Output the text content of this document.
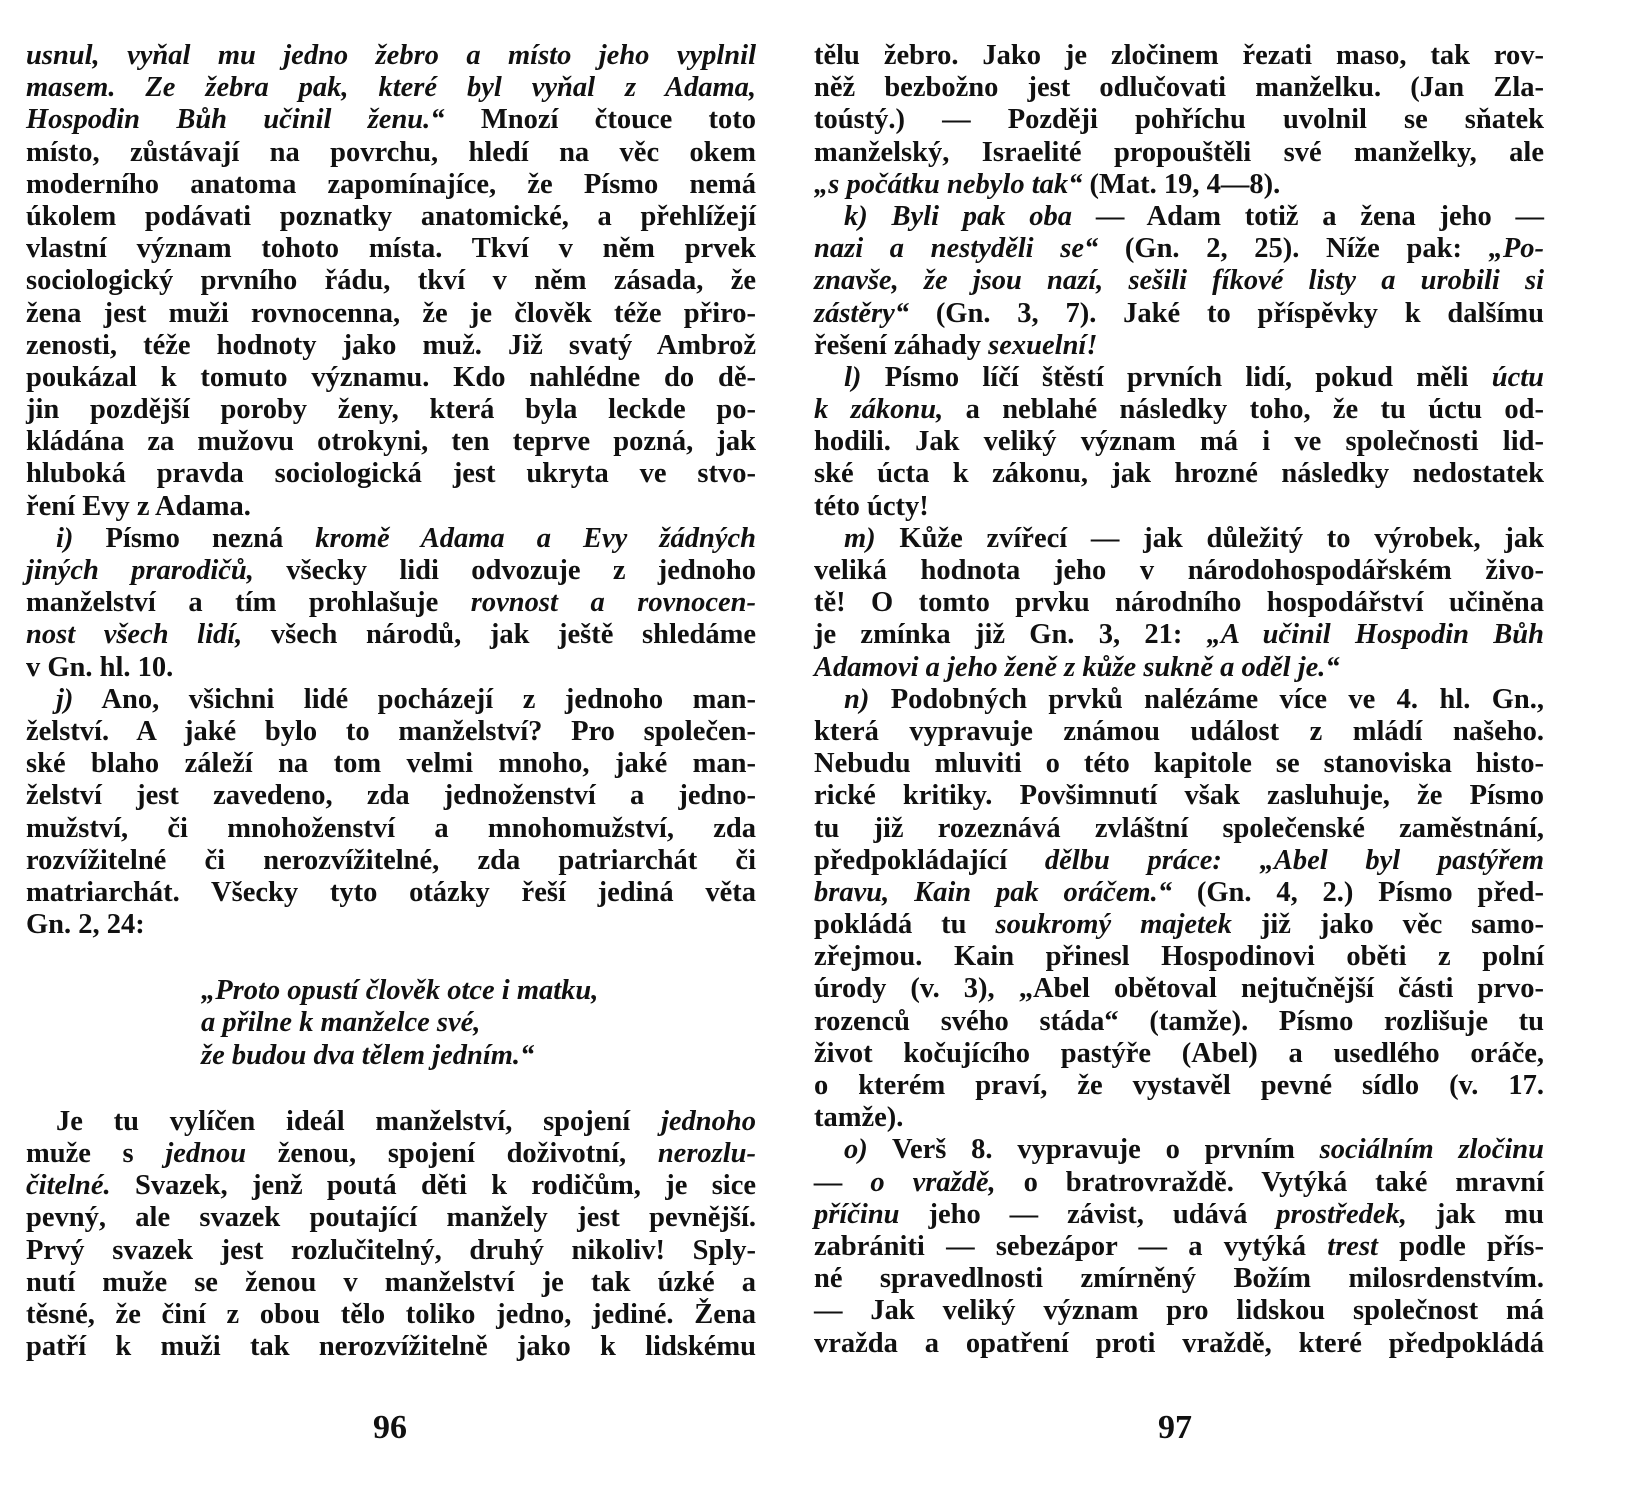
usnul, vyňal mu jedno žebro a místo jeho vyplnil
masem. Ze žebra pak, které byl vyňal z Adama,
Hospodin Bůh učinil ženu.“ Mnozí čtouce toto
místo, zůstávají na povrchu, hledí na věc okem
moderního anatoma zapomínajíce, že Písmo nemá
úkolem podávati poznatky anatomické, a přehlížejí
vlastní význam tohoto místa. Tkví v něm prvek
sociologický prvního řádu, tkví v něm zásada, že
žena jest muži rovnocenna, že je člověk téže přiro-
zenosti, téže hodnoty jako muž. Již svatý Ambrož
poukázal k tomuto významu. Kdo nahlédne do dě-
jin pozdější poroby ženy, která byla leckde po-
kládána za mužovu otrokyni, ten teprve pozná, jak
hluboká pravda sociologická jest ukryta ve stvo-
ření Evy z Adama.
i) Písmo nezná kromě Adama a Evy žádných
jiných prarodičů, všecky lidi odvozuje z jednoho
manželství a tím prohlašuje rovnost a rovnocen-
nost všech lidí, všech národů, jak ještě shledáme
v Gn. hl. 10.
j) Ano, všichni lidé pocházejí z jednoho man-
želství. A jaké bylo to manželství? Pro společen-
ské blaho záleží na tom velmi mnoho, jaké man-
želství jest zavedeno, zda jednoženství a jedno-
mužství, či mnohoženství a mnohomužství, zda
rozvížitelné či nerozvížitelné, zda patriarchát či
matriarchát. Všecky tyto otázky řeší jediná věta
Gn. 2, 24:
„Proto opustí člověk otce i matku,
a přilne k manželce své,
že budou dva tělem jedním.“
Je tu vylíčen ideál manželství, spojení jednoho
muže s jednou ženou, spojení doživotní, nerozlu-
čitelné. Svazek, jenž poutá děti k rodičům, je sice
pevný, ale svazek poutající manžely jest pevnější.
Prvý svazek jest rozlučitelný, druhý nikoliv! Sply-
nutí muže se ženou v manželství je tak úzké a
těsné, že činí z obou tělo toliko jedno, jediné. Žena
patří k muži tak nerozvížitelně jako k lidskému
tělu žebro. Jako je zločinem řezati maso, tak rov-
něž bezbožno jest odlučovati manželku. (Jan Zla-
toústý.) — Později pohříchu uvolnil se sňatek
manželský, Israelité propouštěli své manželky, ale
„s počátku nebylo tak“ (Mat. 19, 4—8).
k) Byli pak oba — Adam totiž a žena jeho —
nazi a nestyděli se“ (Gn. 2, 25). Níže pak: „Po-
znavše, že jsou nazí, sešili fíkové listy a urobili si
zástěry“ (Gn. 3, 7). Jaké to příspěvky k dalšímu
řešení záhady sexuelní!
l) Písmo líčí štěstí prvních lidí, pokud měli úctu
k zákonu, a neblahé následky toho, že tu úctu od-
hodili. Jak veliký význam má i ve společnosti lid-
ské úcta k zákonu, jak hrozné následky nedostatek
této úcty!
m) Kůže zvířecí — jak důležitý to výrobek, jak
veliká hodnota jeho v národohospodářském živo-
tě! O tomto prvku národního hospodářství učiněna
je zmínka již Gn. 3, 21: „A učinil Hospodin Bůh
Adamovi a jeho ženě z kůže sukně a oděl je.“
n) Podobných prvků nalézáme více ve 4. hl. Gn.,
která vypravuje známou událost z mládí našeho.
Nebudu mluviti o této kapitole se stanoviska histo-
rické kritiky. Povšimnutí však zasluhuje, že Písmo
tu již rozeznává zvláštní společenské zaměstnání,
předpokládající dělbu práce: „Abel byl pastýřem
bravu, Kain pak oráčem.“ (Gn. 4, 2.) Písmo před-
pokládá tu soukromý majetek již jako věc samo-
zřejmou. Kain přinesl Hospodinovi oběti z polní
úrody (v. 3), „Abel obětoval nejtučnější části prvo-
rozenců svého stáda“ (tamže). Písmo rozlišuje tu
život kočujícího pastýře (Abel) a usedlého oráče,
o kterém praví, že vystavěl pevné sídlo (v. 17.
tamže).
o) Verš 8. vypravuje o prvním sociálním zločinu
— o vraždě, o bratrovraždě. Vytýká také mravní
příčinu jeho — závist, udává prostředek, jak mu
zabrániti — sebezápor — a vytýká trest podle přís-
né spravedlnosti zmírněný Božím milosrdenstvím.
— Jak veliký význam pro lidskou společnost má
vražda a opatření proti vraždě, které předpokládá
96	97
